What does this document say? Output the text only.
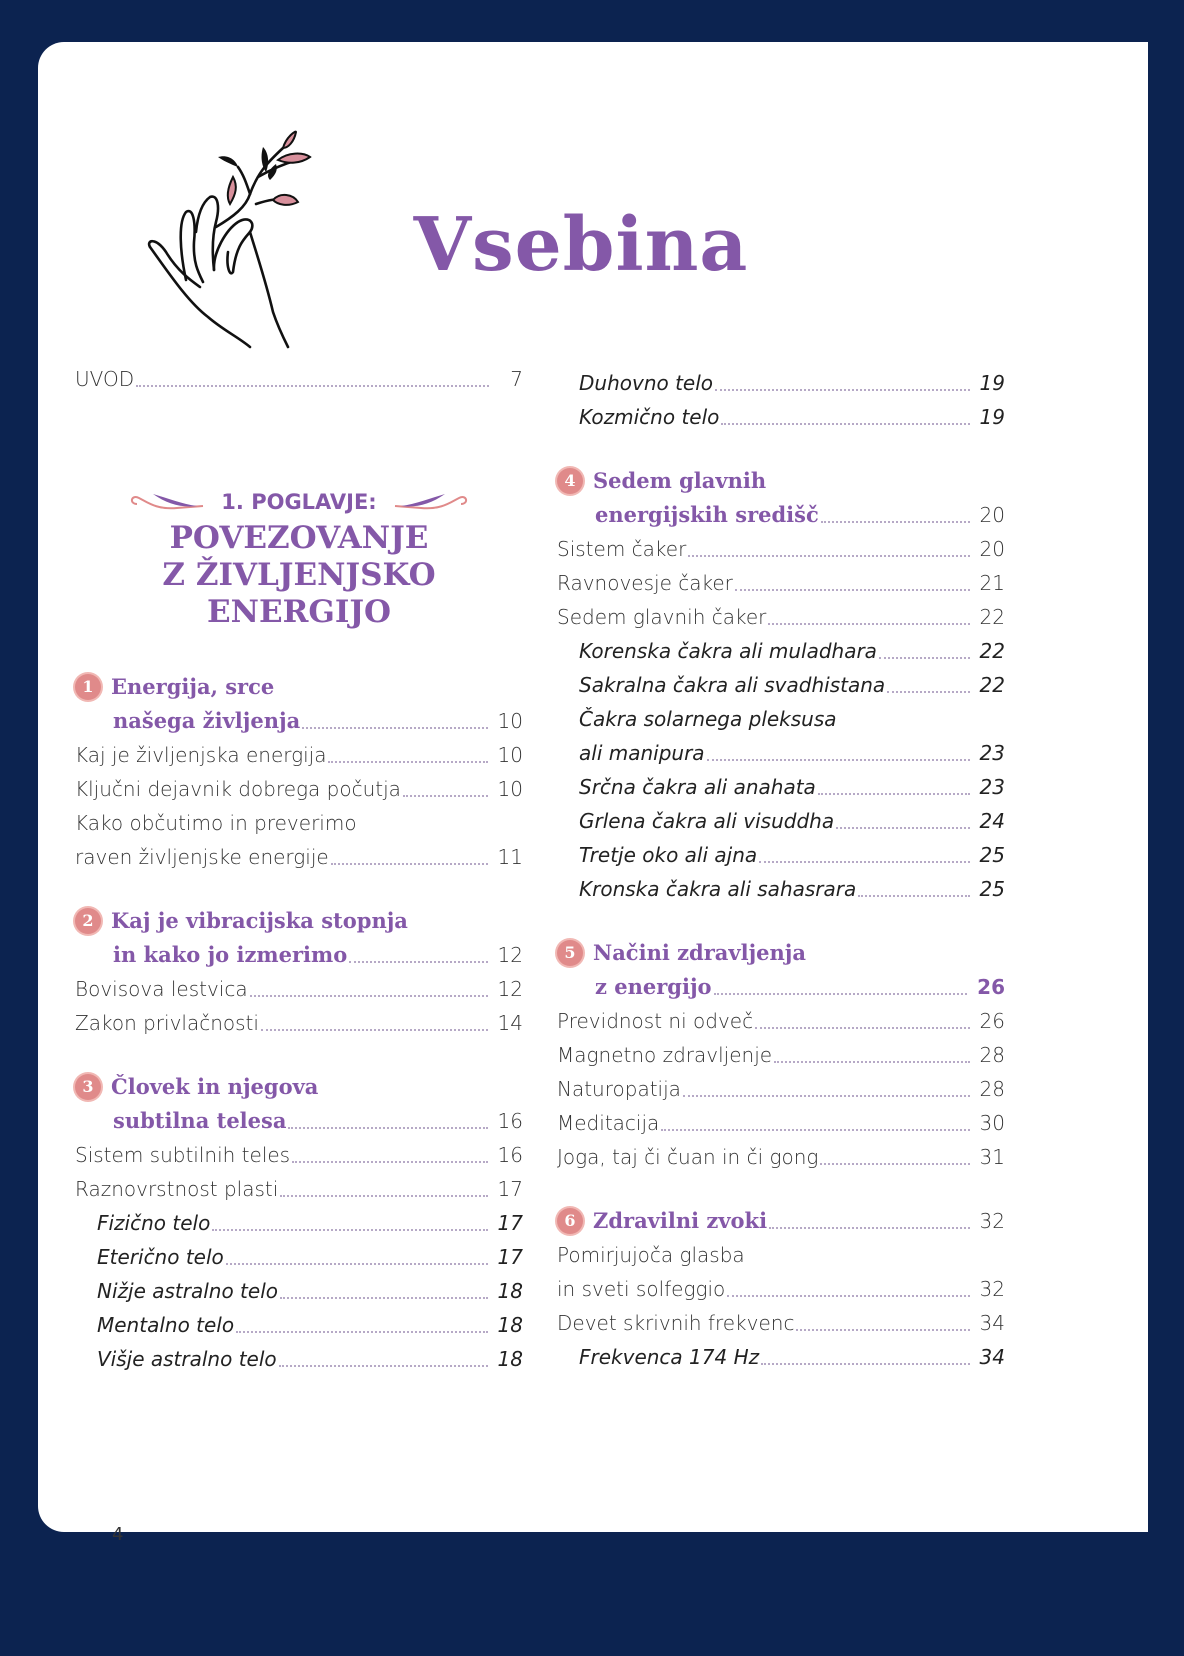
Vsebina
UVOD	7
1. POGLAVJE:
POVEZOVANJE
Z ŽIVLJENJSKO
ENERGIJO
1 Energija, srce
našega življenja	10
Kaj je življenjska energija	10
Ključni dejavnik dobrega počutja	10
Kako občutimo in preverimo
raven življenjske energije	11
2 Kaj je vibracijska stopnja
in kako jo izmerimo	12
Bovisova lestvica	12
Zakon privlačnosti	14
3 Človek in njegova
subtilna telesa	16
Sistem subtilnih teles	16
Raznovrstnost plasti	17
Fizično telo	17
Eterično telo	17
Nižje astralno telo	18
Mentalno telo	18
Višje astralno telo	18
Duhovno telo	19
Kozmično telo	19
4 Sedem glavnih
energijskih središč	20
Sistem čaker	20
Ravnovesje čaker	21
Sedem glavnih čaker	22
Korenska čakra ali muladhara	22
Sakralna čakra ali svadhistana	22
Čakra solarnega pleksusa
ali manipura	23
Srčna čakra ali anahata	23
Grlena čakra ali visuddha	24
Tretje oko ali ajna	25
Kronska čakra ali sahasrara	25
5 Načini zdravljenja
z energijo	26
Previdnost ni odveč	26
Magnetno zdravljenje	28
Naturopatija	28
Meditacija	30
Joga, taj či čuan in či gong	31
6 Zdravilni zvoki	32
Pomirjujoča glasba
in sveti solfeggio	32
Devet skrivnih frekvenc	34
Frekvenca 174 Hz	34
4
